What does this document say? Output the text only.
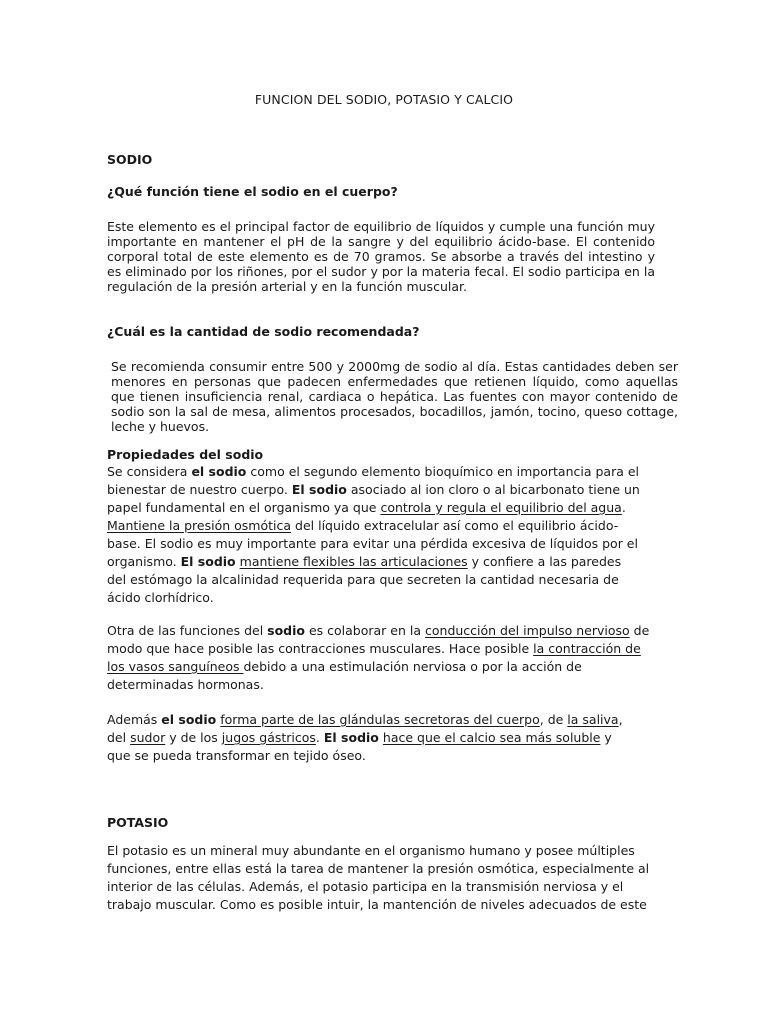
FUNCION DEL SODIO, POTASIO Y CALCIO
SODIO
¿Qué función tiene el sodio en el cuerpo?

Este elemento es el principal factor de equilibrio de líquidos y cumple una función muy importante en mantener el pH de la sangre y del equilibrio ácido-base. El contenido corporal total de este elemento es de 70 gramos. Se absorbe a través del intestino y es eliminado por los riñones, por el sudor y por la materia fecal. El sodio participa en la regulación de la presión arterial y en la función muscular.

¿Cuál es la cantidad de sodio recomendada?

Se recomienda consumir entre 500 y 2000mg de sodio al día. Estas cantidades deben ser menores en personas que padecen enfermedades que retienen líquido, como aquellas que tienen insuficiencia renal, cardiaca o hepática. Las fuentes con mayor contenido de sodio son la sal de mesa, alimentos procesados, bocadillos, jamón, tocino, queso cottage, leche y huevos.

Propiedades del sodio

Se considera el sodio como el segundo elemento bioquímico en importancia para el bienestar de nuestro cuerpo. El sodio asociado al ion cloro o al bicarbonato tiene un papel fundamental en el organismo ya que controla y regula el equilibrio del agua. Mantiene la presión osmótica del líquido extracelular así como el equilibrio ácido-base. El sodio es muy importante para evitar una pérdida excesiva de líquidos por el organismo. El sodio mantiene flexibles las articulaciones y confiere a las paredes del estómago la alcalinidad requerida para que secreten la cantidad necesaria de ácido clorhídrico.

Otra de las funciones del sodio es colaborar en la conducción del impulso nervioso de modo que hace posible las contracciones musculares. Hace posible la contracción de los vasos sanguíneos debido a una estimulación nerviosa o por la acción de determinadas hormonas.

Además el sodio forma parte de las glándulas secretoras del cuerpo, de la saliva, del sudor y de los jugos gástricos. El sodio hace que el calcio sea más soluble y que se pueda transformar en tejido óseo.

POTASIO

El potasio es un mineral muy abundante en el organismo humano y posee múltiples funciones, entre ellas está la tarea de mantener la presión osmótica, especialmente al interior de las células. Además, el potasio participa en la transmisión nerviosa y el trabajo muscular. Como es posible intuir, la mantención de niveles adecuados de este
